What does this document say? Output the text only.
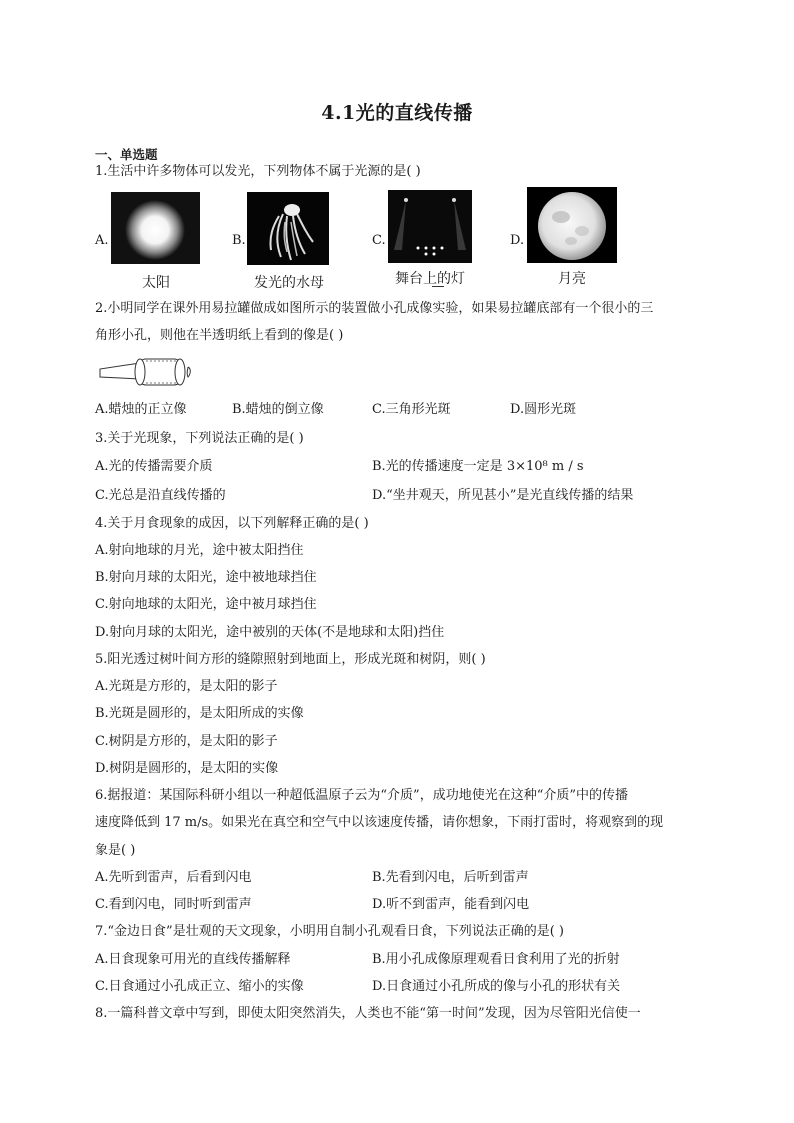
4.1光的直线传播
一、单选题
1.生活中许多物体可以发光，下列物体不属于光源的是( )
A.
太阳
B.
发光的水母
C.
舞台上的灯
D.
月亮
2.小明同学在课外用易拉罐做成如图所示的装置做小孔成像实验，如果易拉罐底部有一个很小的三
角形小孔，则他在半透明纸上看到的像是( )
A.蜡烛的正立像	B.蜡烛的倒立像	C.三角形光斑	D.圆形光斑
3.关于光现象，下列说法正确的是( )
A.光的传播需要介质	B.光的传播速度一定是 3×10⁸ m / s
C.光总是沿直线传播的	D.“坐井观天，所见甚小”是光直线传播的结果
4.关于月食现象的成因，以下列解释正确的是( )
A.射向地球的月光，途中被太阳挡住
B.射向月球的太阳光，途中被地球挡住
C.射向地球的太阳光，途中被月球挡住
D.射向月球的太阳光，途中被别的天体(不是地球和太阳)挡住
5.阳光透过树叶间方形的缝隙照射到地面上，形成光斑和树阴，则( )
A.光斑是方形的，是太阳的影子
B.光斑是圆形的，是太阳所成的实像
C.树阴是方形的，是太阳的影子
D.树阴是圆形的，是太阳的实像
6.据报道：某国际科研小组以一种超低温原子云为“介质”，成功地使光在这种“介质”中的传播
速度降低到 17 m/s。如果光在真空和空气中以该速度传播，请你想象，下雨打雷时，将观察到的现
象是( )
A.先听到雷声，后看到闪电	B.先看到闪电，后听到雷声
C.看到闪电，同时听到雷声	D.听不到雷声，能看到闪电
7.“金边日食”是壮观的天文现象，小明用自制小孔观看日食，下列说法正确的是( )
A.日食现象可用光的直线传播解释	B.用小孔成像原理观看日食利用了光的折射
C.日食通过小孔成正立、缩小的实像	D.日食通过小孔所成的像与小孔的形状有关
8.一篇科普文章中写到，即使太阳突然消失，人类也不能“第一时间”发现，因为尽管阳光信使一
